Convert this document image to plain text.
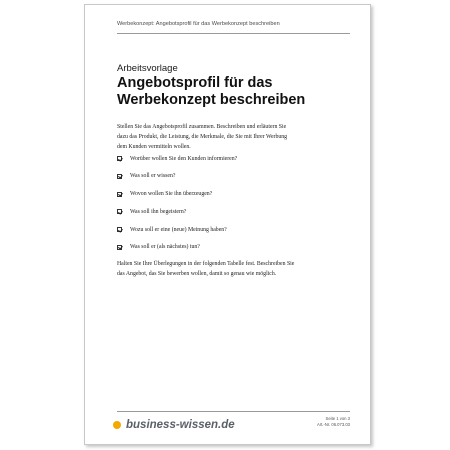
Werbekonzept: Angebotsprofil für das Werbekonzept beschreiben
Arbeitsvorlage
Angebotsprofil für das
Werbekonzept beschreiben
Stellen Sie das Angebotsprofil zusammen. Beschreiben und erläutern Sie
dazu das Produkt, die Leistung, die Merkmale, die Sie mit Ihrer Werbung
dem Kunden vermitteln wollen.
Worüber wollen Sie den Kunden informieren?
Was soll er wissen?
Wovon wollen Sie ihn überzeugen?
Was soll ihn begeistern?
Wozu soll er eine (neue) Meinung haben?
Was soll er (als nächstes) tun?
Halten Sie Ihre Überlegungen in der folgenden Tabelle fest. Beschreiben Sie
das Angebot, das Sie bewerben wollen, damit so genau wie möglich.
business-wissen.de
Seite 1 von 3
Art.-Nr. 06.073.03
